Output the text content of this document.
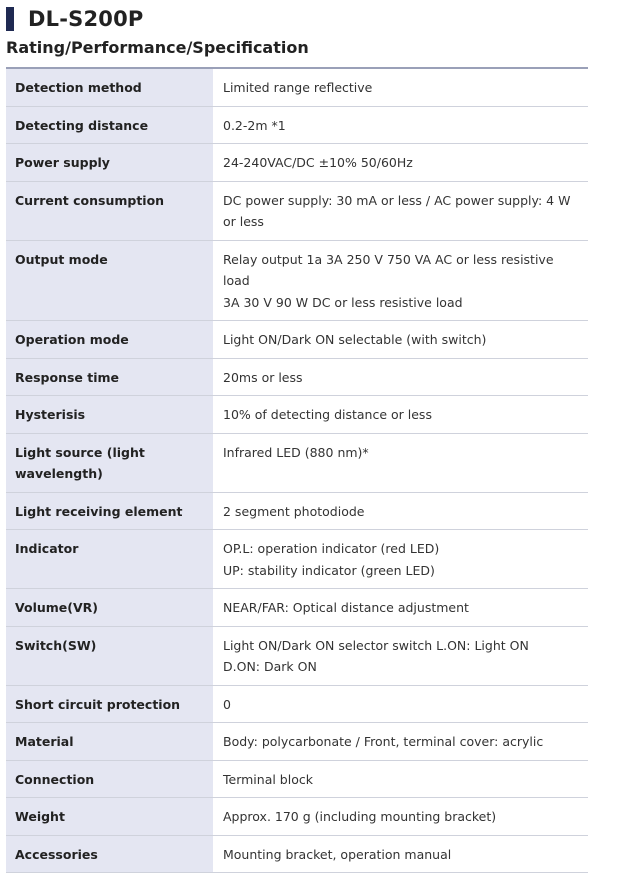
DL-S200P
Rating/Performance/Specification
Detection method	Limited range reflective

Detecting distance	0.2-2m *1

Power supply	24-240VAC/DC ±10% 50/60Hz

Current consumption	DC power supply: 30 mA or less / AC power supply: 4 W or less

Output mode	Relay output 1a 3A 250 V 750 VA AC or less resistive load
3A 30 V 90 W DC or less resistive load

Operation mode	Light ON/Dark ON selectable (with switch)

Response time	20ms or less

Hysterisis	10% of detecting distance or less

Light source (light wavelength)	Infrared LED (880 nm)*

Light receiving element	2 segment photodiode

Indicator	OP.L: operation indicator (red LED)
UP: stability indicator (green LED)

Volume(VR)	NEAR/FAR: Optical distance adjustment

Switch(SW)	Light ON/Dark ON selector switch L.ON: Light ON
D.ON: Dark ON

Short circuit protection	0

Material	Body: polycarbonate / Front, terminal cover: acrylic

Connection	Terminal block

Weight	Approx. 170 g (including mounting bracket)

Accessories	Mounting bracket, operation manual
